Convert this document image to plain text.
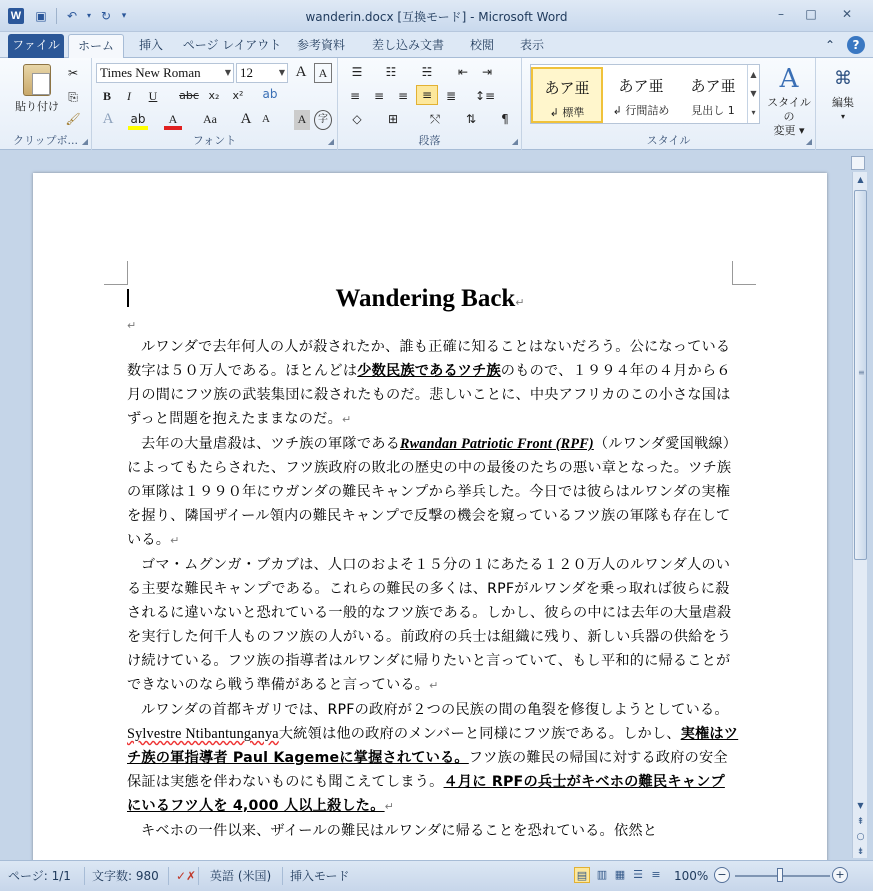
W ▣	↶	▾ ↻	▾	wanderin.docx [互換モード] - Microsoft Word	–	□	✕
ファイル	ホーム	挿入	ページ レイアウト	参考資料	差し込み文書	校閲	表示	⌃	?
貼り付け
✂
⎘
🖌
クリップボ... ◢
Times New Roman	▼ 12	▼ A	A
B	I	U	abc x₂	x²	ab
A	ab	A	Aa	A A	A	字
フォント	◢
☰	☷	☵	⇤	⇥
≡	≡	≡	≡	≣	↕≡
◇	⊞	⤲	⇅	¶
段落	◢	スタイル	◢
あア亜
↲ 標準
あア亜
↲ 行間詰め
あア亜
見出し 1
▲
▼
▾
A
スタイルの
変更 ▾
⌘
編集
▾
Wandering Back↵
↵

ルワンダで去年何人の人が殺されたか、誰も正確に知ることはないだろう。公になっている数字は５０万人である。ほとんどは少数民族であるツチ族のもので、１９９４年の４月から６月の間にフツ族の武装集団に殺されたものだ。悲しいことに、中央アフリカのこの小さな国はずっと問題を抱えたままなのだ。↵

去年の大量虐殺は、ツチ族の軍隊であるRwandan Patriotic Front (RPF)（ルワンダ愛国戦線）によってもたらされた、フツ族政府の敗北の歴史の中の最後のたちの悪い章となった。ツチ族の軍隊は１９９０年にウガンダの難民キャンプから挙兵した。今日では彼らはルワンダの実権を握り、隣国ザイール領内の難民キャンプで反撃の機会を窺っているフツ族の軍隊も存在している。↵

ゴマ・ムグンガ・ブカブは、人口のおよそ１５分の１にあたる１２０万人のルワンダ人のいる主要な難民キャンプである。これらの難民の多くは、RPFがルワンダを乗っ取れば彼らに殺されるに違いないと恐れている一般的なフツ族である。しかし、彼らの中には去年の大量虐殺を実行した何千人ものフツ族の人がいる。前政府の兵士は組織に残り、新しい兵器の供給をうけ続けている。フツ族の指導者はルワンダに帰りたいと言っていて、もし平和的に帰ることができないのなら戦う準備があると言っている。↵

ルワンダの首都キガリでは、RPFの政府が２つの民族の間の亀裂を修復しようとしている。Sylvestre Ntibantunganya大統領は他の政府のメンバーと同様にフツ族である。しかし、実権はツチ族の軍指導者 Paul Kagemeに掌握されている。フツ族の難民の帰国に対する政府の安全保証は実態を伴わないものにも聞こえてしまう。４月に RPFの兵士がキベホの難民キャンプにいるフツ人を 4,000 人以上殺した。↵

キベホの一件以来、ザイールの難民はルワンダに帰ることを恐れている。依然と

▲
≡
▼
⇞
○
⇟
ページ: 1/1 文字数: 980 ✓✗ 英語 (米国) 挿入モード	▤ ▥ ▦ ☰ ≡ 100% −	+
